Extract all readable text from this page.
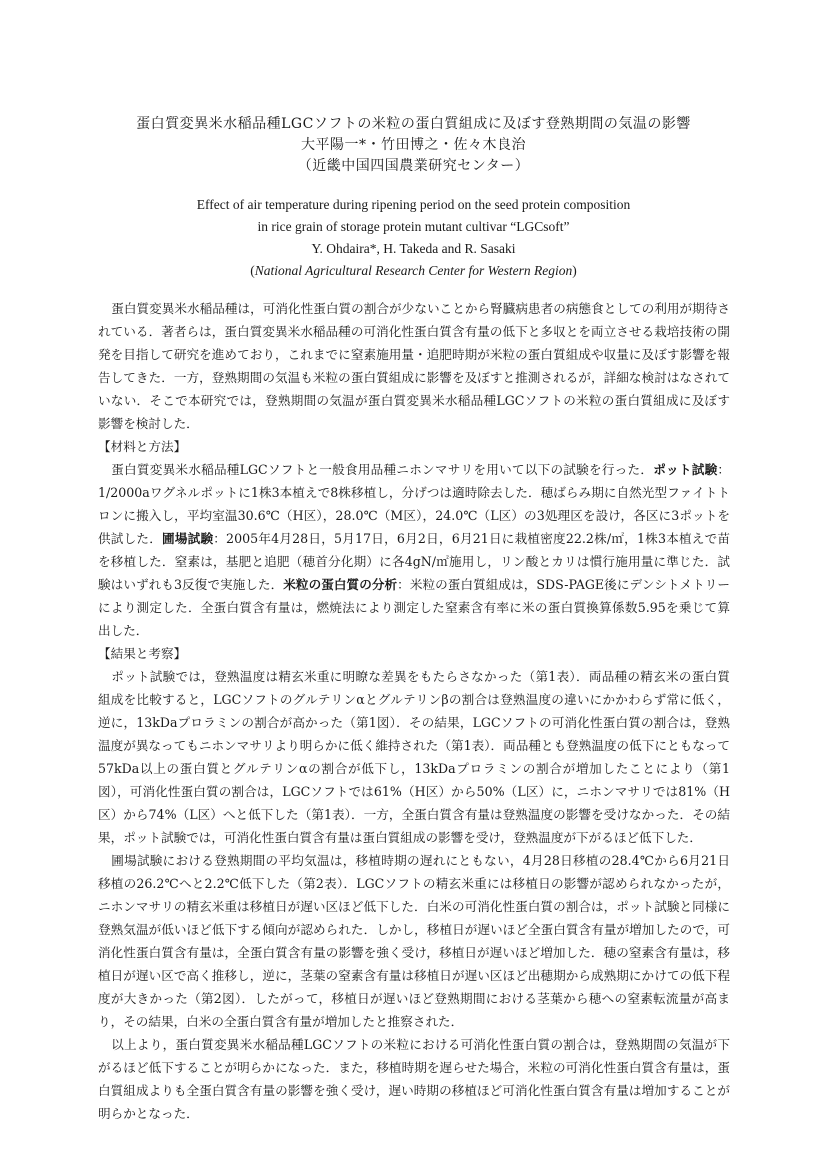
蛋白質変異米水稲品種LGCソフトの米粒の蛋白質組成に及ぼす登熟期間の気温の影響
大平陽一*・竹田博之・佐々木良治
（近畿中国四国農業研究センター）
Effect of air temperature during ripening period on the seed protein composition
in rice grain of storage protein mutant cultivar “LGCsoft”
Y. Ohdaira*, H. Takeda and R. Sasaki
(National Agricultural Research Center for Western Region)

蛋白質変異米水稲品種は，可消化性蛋白質の割合が少ないことから腎臓病患者の病態食としての利用が期待されている．著者らは，蛋白質変異米水稲品種の可消化性蛋白質含有量の低下と多収とを両立させる栽培技術の開発を目指して研究を進めており，これまでに窒素施用量・追肥時期が米粒の蛋白質組成や収量に及ぼす影響を報告してきた．一方，登熟期間の気温も米粒の蛋白質組成に影響を及ぼすと推測されるが，詳細な検討はなされていない．そこで本研究では，登熟期間の気温が蛋白質変異米水稲品種LGCソフトの米粒の蛋白質組成に及ぼす影響を検討した．

【材料と方法】

蛋白質変異米水稲品種LGCソフトと一般食用品種ニホンマサリを用いて以下の試験を行った．ポット試験：1/2000aワグネルポットに1株3本植えで8株移植し，分げつは適時除去した．穂ばらみ期に自然光型ファイトトロンに搬入し，平均室温30.6℃（H区），28.0℃（M区），24.0℃（L区）の3処理区を設け，各区に3ポットを供試した．圃場試験：2005年4月28日，5月17日，6月2日，6月21日に栽植密度22.2株/㎡，1株3本植えで苗を移植した．窒素は，基肥と追肥（穂首分化期）に各4gN/㎡施用し，リン酸とカリは慣行施用量に準じた．試験はいずれも3反復で実施した．米粒の蛋白質の分析：米粒の蛋白質組成は，SDS-PAGE後にデンシトメトリーにより測定した．全蛋白質含有量は，燃焼法により測定した窒素含有率に米の蛋白質換算係数5.95を乗じて算出した．

【結果と考察】

ポット試験では，登熟温度は精玄米重に明瞭な差異をもたらさなかった（第1表）．両品種の精玄米の蛋白質組成を比較すると，LGCソフトのグルテリンαとグルテリンβの割合は登熟温度の違いにかかわらず常に低く，逆に，13kDaプロラミンの割合が高かった（第1図）．その結果，LGCソフトの可消化性蛋白質の割合は，登熟温度が異なってもニホンマサリより明らかに低く維持された（第1表）．両品種とも登熟温度の低下にともなって57kDa以上の蛋白質とグルテリンαの割合が低下し，13kDaプロラミンの割合が増加したことにより（第1図），可消化性蛋白質の割合は，LGCソフトでは61%（H区）から50%（L区）に，ニホンマサリでは81%（H区）から74%（L区）へと低下した（第1表）．一方，全蛋白質含有量は登熟温度の影響を受けなかった．その結果，ポット試験では，可消化性蛋白質含有量は蛋白質組成の影響を受け，登熟温度が下がるほど低下した．

圃場試験における登熟期間の平均気温は，移植時期の遅れにともない，4月28日移植の28.4℃から6月21日移植の26.2℃へと2.2℃低下した（第2表）．LGCソフトの精玄米重には移植日の影響が認められなかったが，ニホンマサリの精玄米重は移植日が遅い区ほど低下した．白米の可消化性蛋白質の割合は，ポット試験と同様に登熟気温が低いほど低下する傾向が認められた．しかし，移植日が遅いほど全蛋白質含有量が増加したので，可消化性蛋白質含有量は，全蛋白質含有量の影響を強く受け，移植日が遅いほど増加した．穂の窒素含有量は，移植日が遅い区で高く推移し，逆に，茎葉の窒素含有量は移植日が遅い区ほど出穂期から成熟期にかけての低下程度が大きかった（第2図）．したがって，移植日が遅いほど登熟期間における茎葉から穂への窒素転流量が高まり，その結果，白米の全蛋白質含有量が増加したと推察された．

以上より，蛋白質変異米水稲品種LGCソフトの米粒における可消化性蛋白質の割合は，登熟期間の気温が下がるほど低下することが明らかになった．また，移植時期を遅らせた場合，米粒の可消化性蛋白質含有量は，蛋白質組成よりも全蛋白質含有量の影響を強く受け，遅い時期の移植ほど可消化性蛋白質含有量は増加することが明らかとなった．
